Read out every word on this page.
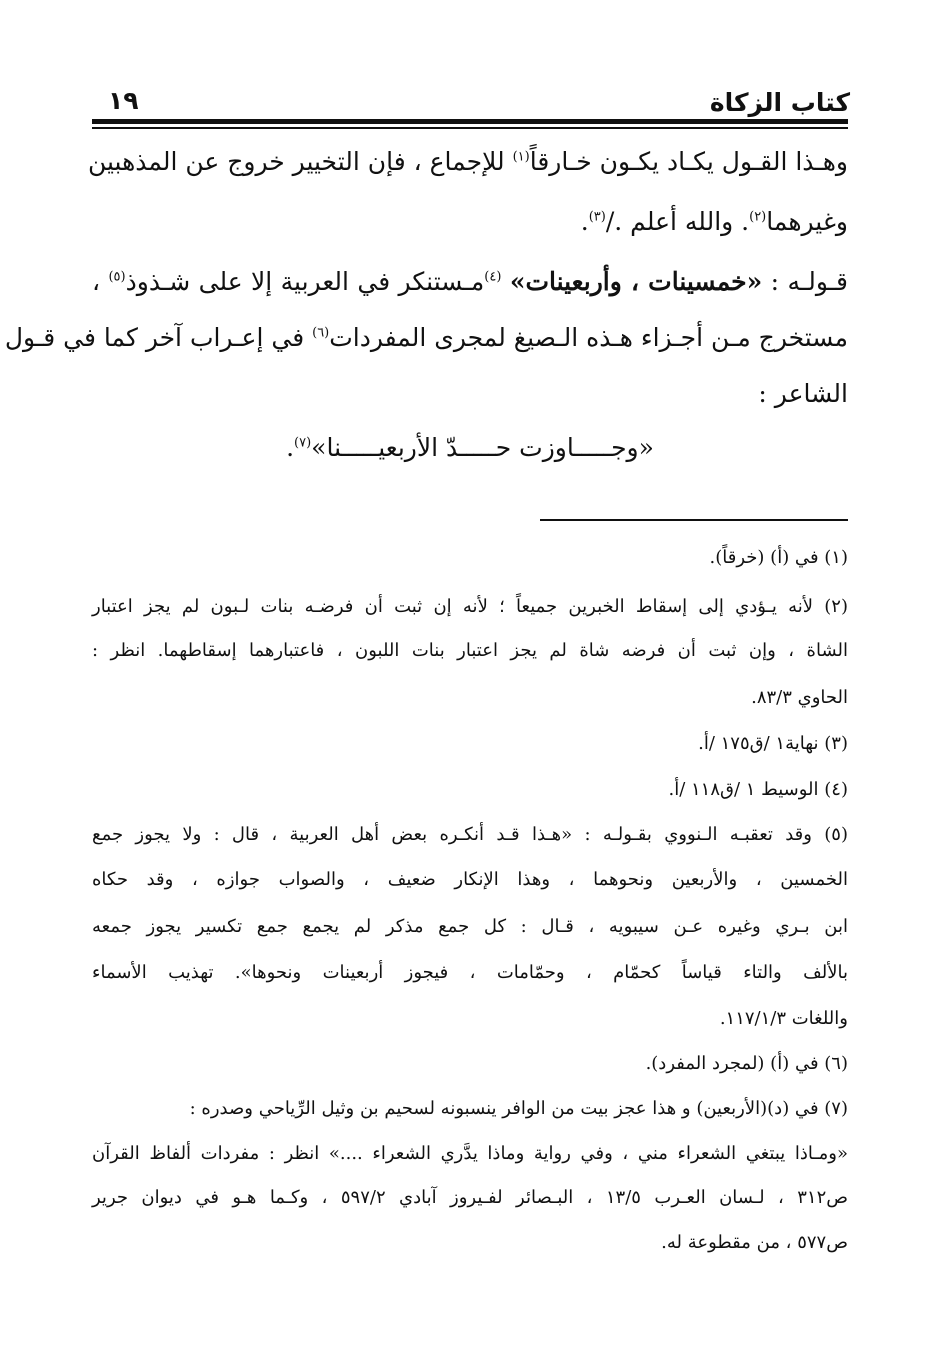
كتاب الزكاة
١٩
وهـذا القـول يكـاد يكـون خـارقاً$^{(١)}$ للإجماع ، فإن التخيير خروج عن المذهبين
وغيرهما$^{(٢)}$. والله أعلم ./$^{(٣)}$.
قـولـه : «خمسينات ، وأربعينات» $^{(٤)}$مـستنكر في العربية إلا على شـذوذ$^{(٥)}$ ،
مستخرج مـن أجـزاء هـذه الـصيغ لمجرى المفردات$^{(٦)}$ في إعـراب آخر كما في قـول
الشاعر :
«وجـــــاوزت حـــــدّ الأربعيـــــنا»$^{(٧)}$.
(١) في (أ) (خرقاً).
(٢) لأنه يـؤدي إلى إسقاط الخبرين جميعاً ؛ لأنه إن ثبت أن فرضـه بنات لـبون لم يجز اعتبار
الشاة ، وإن ثبت أن فرضه شاة لم يجز اعتبار بنات اللبون ، فاعتبارهما إسقاطهما. انظر :
الحاوي ٨٣/٣.
(٣) نهاية١ /ق١٧٥ /أ.
(٤) الوسيط ١ /ق١١٨ /أ.
(٥) وقد تعقبـه الـنووي بقـولـه : «هـذا قـد أنكـره بعض أهل العربية ، قال : ولا يجوز جمع
الخمسين ، والأربعين ونحوهما ، وهذا الإنكار ضعيف ، والصواب جوازه ، وقد حكاه
ابن بـري وغيره عـن سيبويه ، قـال : كل جمع مذكر لم يجمع جمع تكسير يجوز جمعه
بالألف والتاء قياساً كحمّام ، وحمّامات ، فيجوز أربعينات ونحوها». تهذيب الأسماء
واللغات ١١٧/١/٣.
(٦) في (أ) (لمجرد المفرد).
(٧) في (د)(الأربعين) و هذا عجز بيت من الوافر ينسبونه لسحيم بن وثيل الرِّياحي وصدره :
«ومـاذا يبتغي الشعراء مني ، وفي رواية وماذا يدَّري الشعراء ....» انظر : مفردات ألفاظ القرآن
ص٣١٢ ، لـسان العـرب ١٣/٥ ، البـصائر لفـيروز آبادي ٥٩٧/٢ ، وكـما هـو في ديوان جرير
ص٥٧٧ ، من مقطوعة له.
